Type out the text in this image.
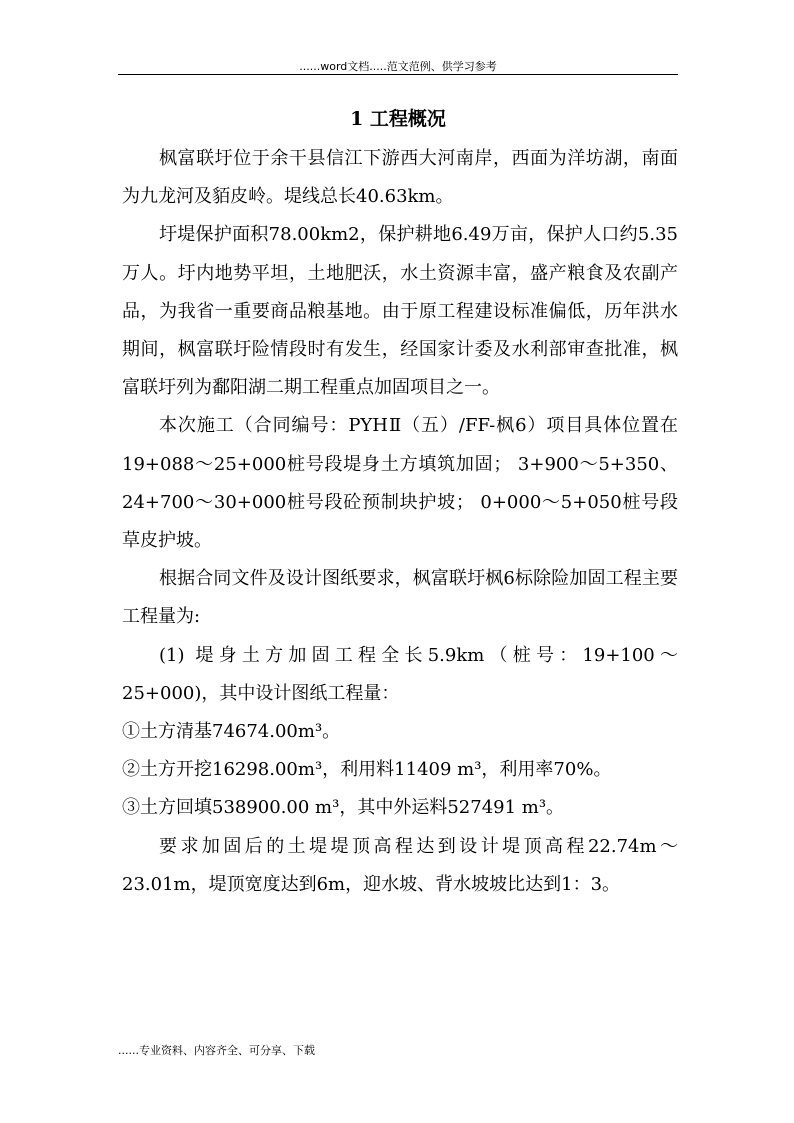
......word文档.....范文范例、供学习参考
1 工程概况

枫富联圩位于余干县信江下游西大河南岸，西面为洋坊湖，南面为九龙河及貊皮岭。堤线总长40.63km。

圩堤保护面积78.00km2，保护耕地6.49万亩，保护人口约5.35万人。圩内地势平坦，土地肥沃，水土资源丰富，盛产粮食及农副产品，为我省一重要商品粮基地。由于原工程建设标准偏低，历年洪水期间，枫富联圩险情段时有发生，经国家计委及水利部审查批准，枫富联圩列为鄱阳湖二期工程重点加固项目之一。

本次施工（合同编号：PYHⅡ（五）/FF-枫6）项目具体位置在19+088～25+000桩号段堤身土方填筑加固； 3+900～5+350、24+700～30+000桩号段砼预制块护坡； 0+000～5+050桩号段草皮护坡。

根据合同文件及设计图纸要求，枫富联圩枫6标除险加固工程主要工程量为:

(1) 堤身土方加固工程全长5.9km（桩号：19+100～25+000)，其中设计图纸工程量：

①土方清基74674.00m³。

②土方开挖16298.00m³，利用料11409 m³，利用率70%。

③土方回填538900.00 m³，其中外运料527491 m³。

要求加固后的土堤堤顶高程达到设计堤顶高程22.74m～23.01m，堤顶宽度达到6m，迎水坡、背水坡坡比达到1：3。

......专业资料、内容齐全、可分享、下载
